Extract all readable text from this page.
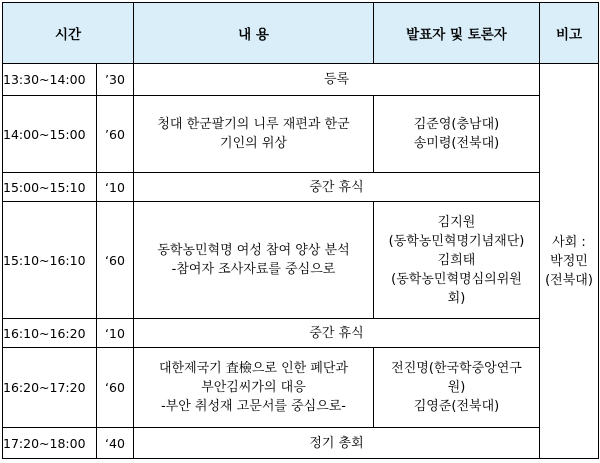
시간		내 용	발표자 및 토론자	비고
13:30~14:00	’30	등록		사회 :
박정민
(전북대)

14:00~15:00	’60	청대 한군팔기의 니루 재편과 한군
기인의 위상	김준영(충남대)
송미령(전북대)	

15:00~15:10	‘10	중간 휴식		

15:10~16:10	‘60	동학농민혁명 여성 참여 양상 분석
-참여자 조사자료를 중심으로	김지원
(동학농민혁명기념재단)
김희태
(동학농민혁명심의위원
회)	

16:10~16:20	‘10	중간 휴식		

16:20~17:20	‘60	대한제국기 査檢으로 인한 폐단과
부안김씨가의 대응
-부안 취성재 고문서를 중심으로-	전진명(한국학중앙연구
원)
김영준(전북대)	

17:20~18:00	‘40	정기 총회		
